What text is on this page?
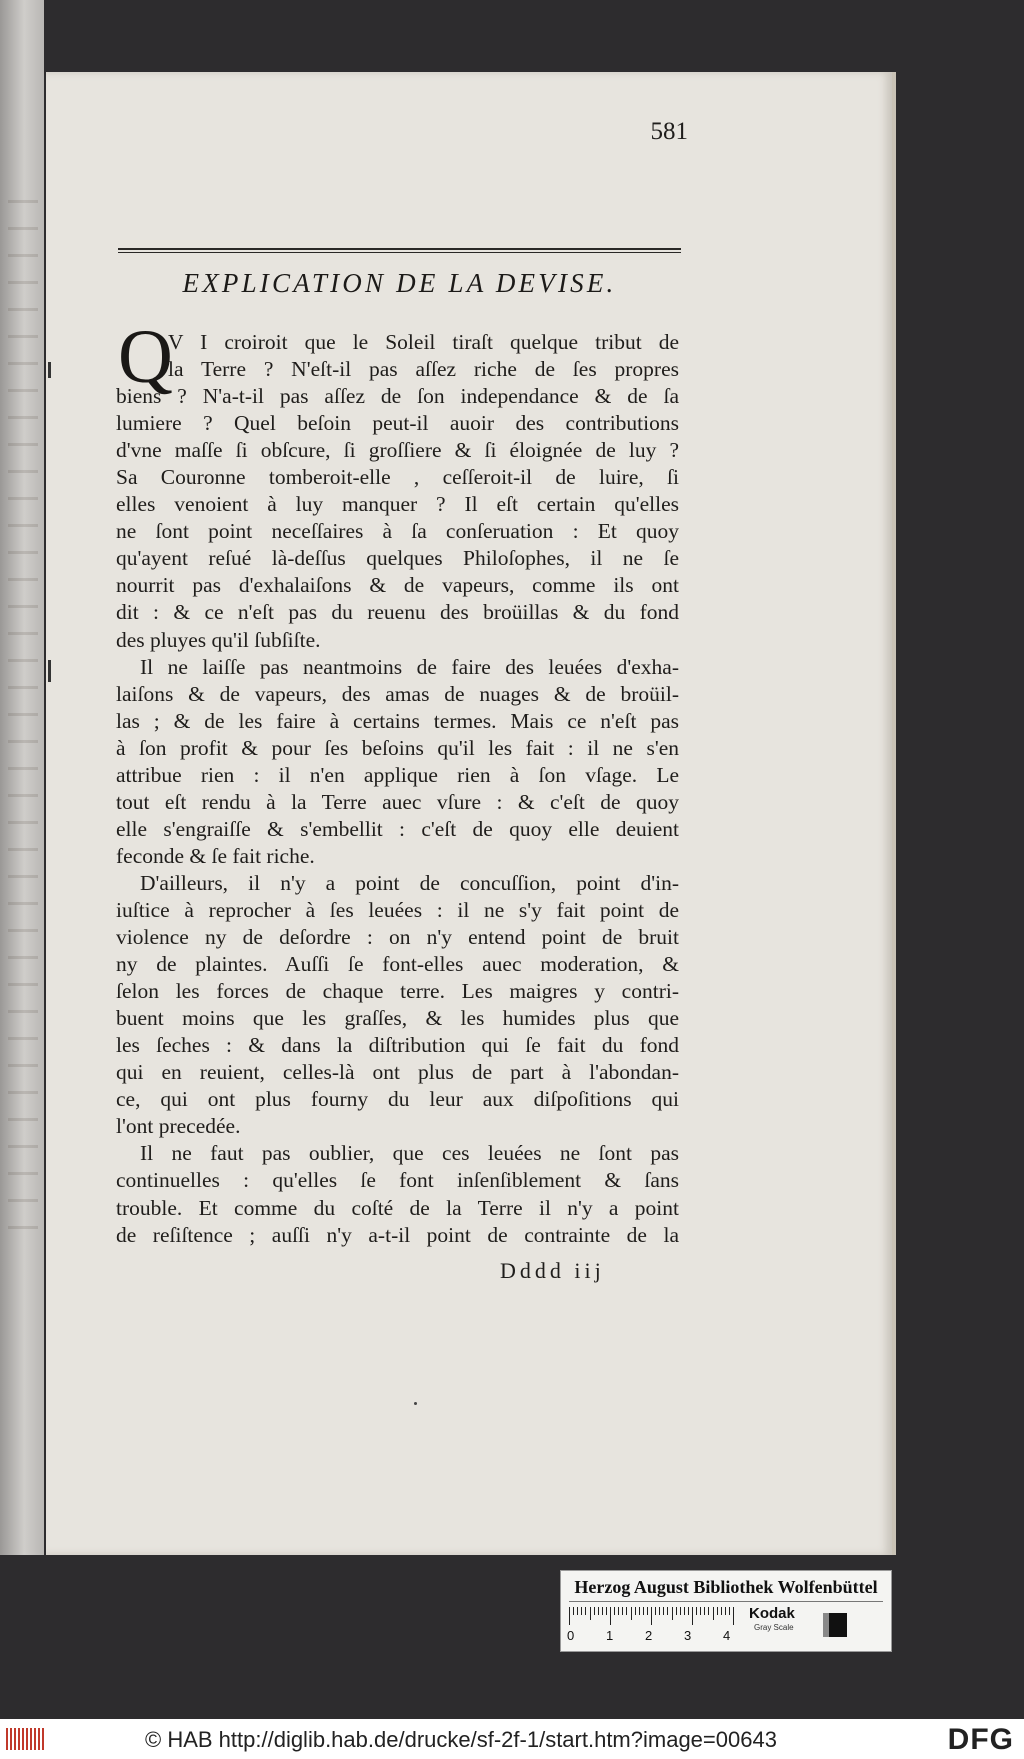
581
EXPLICATION DE LA DEVISE.
Q
V I croiroit que le Soleil tiraſt quelque tribut de
la Terre ? N'eſt-il pas aſſez riche de ſes propres
biens ? N'a-t-il pas aſſez de ſon independance & de ſa
lumiere ? Quel beſoin peut-il auoir des contributions
d'vne maſſe ſi obſcure, ſi groſſiere & ſi éloignée de luy ?
Sa Couronne tomberoit-elle , ceſſeroit-il de luire, ſi
elles venoient à luy manquer ? Il eſt certain qu'elles
ne ſont point neceſſaires à ſa conſeruation : Et quoy
qu'ayent reſué là-deſſus quelques Philoſophes, il ne ſe
nourrit pas d'exhalaiſons & de vapeurs, comme ils ont
dit : & ce n'eſt pas du reuenu des broüillas & du fond
des pluyes qu'il ſubſiſte.
Il ne laiſſe pas neantmoins de faire des leuées d'exha-
laiſons & de vapeurs, des amas de nuages & de broüil-
las ; & de les faire à certains termes. Mais ce n'eſt pas
à ſon profit & pour ſes beſoins qu'il les fait : il ne s'en
attribue rien : il n'en applique rien à ſon vſage. Le
tout eſt rendu à la Terre auec vſure : & c'eſt de quoy
elle s'engraiſſe & s'embellit : c'eſt de quoy elle deuient
feconde & ſe fait riche.
D'ailleurs, il n'y a point de concuſſion, point d'in-
iuſtice à reprocher à ſes leuées : il ne s'y fait point de
violence ny de deſordre : on n'y entend point de bruit
ny de plaintes. Auſſi ſe font-elles auec moderation, &
ſelon les forces de chaque terre. Les maigres y contri-
buent moins que les graſſes, & les humides plus que
les ſeches : & dans la diſtribution qui ſe fait du fond
qui en reuient, celles-là ont plus de part à l'abondan-
ce, qui ont plus fourny du leur aux diſpoſitions qui
l'ont precedée.
Il ne faut pas oublier, que ces leuées ne ſont pas
continuelles : qu'elles ſe font inſenſiblement & ſans
trouble. Et comme du coſté de la Terre il n'y a point
de reſiſtence ; auſſi n'y a-t-il point de contrainte de la
Dddd iij
Herzog August Bibliothek Wolfenbüttel
0 1 2 3 4
Kodak
Gray Scale
© HAB http://diglib.hab.de/drucke/sf-2f-1/start.htm?image=00643	DFG
